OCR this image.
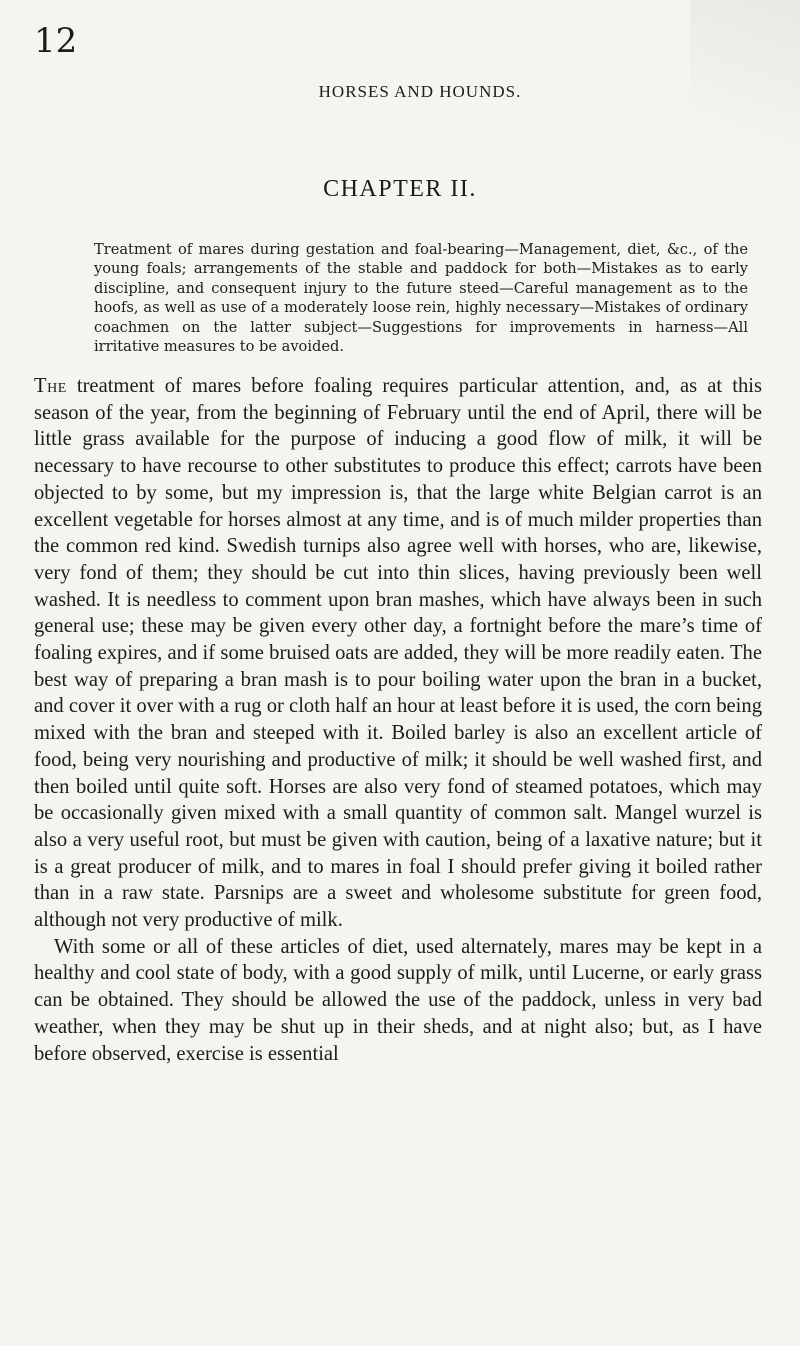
12
HORSES AND HOUNDS.
CHAPTER II.
Treatment of mares during gestation and foal-bearing—Management, diet, &c., of the young foals; arrangements of the stable and paddock for both—Mistakes as to early discipline, and consequent injury to the future steed—Careful management as to the hoofs, as well as use of a moderately loose rein, highly necessary—Mistakes of ordinary coachmen on the latter subject—Suggestions for improvements in harness—All irritative measures to be avoided.

The treatment of mares before foaling requires particular attention, and, as at this season of the year, from the beginning of February until the end of April, there will be little grass available for the purpose of inducing a good flow of milk, it will be necessary to have recourse to other substitutes to produce this effect; carrots have been objected to by some, but my impression is, that the large white Belgian carrot is an excellent vegetable for horses almost at any time, and is of much milder properties than the common red kind. Swedish turnips also agree well with horses, who are, likewise, very fond of them; they should be cut into thin slices, having previously been well washed. It is needless to comment upon bran mashes, which have always been in such general use; these may be given every other day, a fortnight before the mare’s time of foaling expires, and if some bruised oats are added, they will be more readily eaten. The best way of preparing a bran mash is to pour boiling water upon the bran in a bucket, and cover it over with a rug or cloth half an hour at least before it is used, the corn being mixed with the bran and steeped with it. Boiled barley is also an excellent article of food, being very nourishing and productive of milk; it should be well washed first, and then boiled until quite soft. Horses are also very fond of steamed potatoes, which may be occasionally given mixed with a small quantity of common salt. Mangel wurzel is also a very useful root, but must be given with caution, being of a laxative nature; but it is a great producer of milk, and to mares in foal I should prefer giving it boiled rather than in a raw state. Parsnips are a sweet and wholesome substitute for green food, although not very productive of milk.

With some or all of these articles of diet, used alternately, mares may be kept in a healthy and cool state of body, with a good supply of milk, until Lucerne, or early grass can be obtained. They should be allowed the use of the paddock, unless in very bad weather, when they may be shut up in their sheds, and at night also; but, as I have before observed, exercise is essential
